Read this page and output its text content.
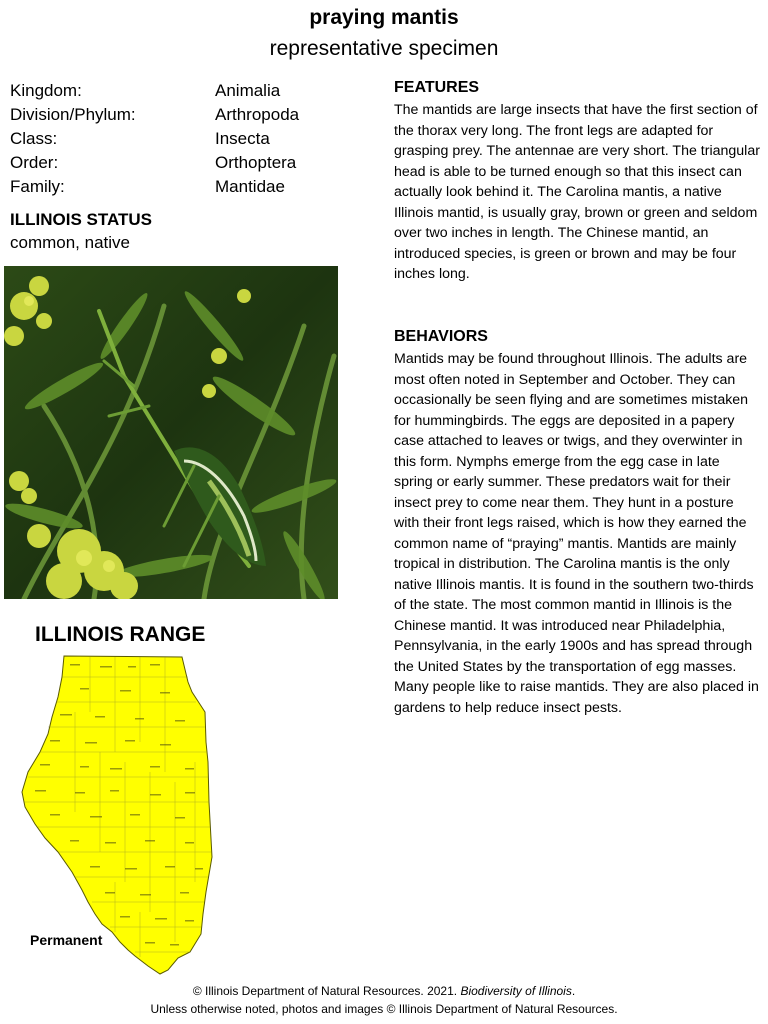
praying mantis
representative specimen
Kingdom:	Animalia
Division/Phylum:	Arthropoda
Class:	Insecta
Order:	Orthoptera
Family:	Mantidae
ILLINOIS STATUS
common, native
ILLINOIS RANGE
Permanent
FEATURES

The mantids are large insects that have the first section of the thorax very long. The front legs are adapted for grasping prey. The antennae are very short. The triangular head is able to be turned enough so that this insect can actually look behind it. The Carolina mantis, a native Illinois mantid, is usually gray, brown or green and seldom over two inches in length. The Chinese mantid, an introduced species, is green or brown and may be four inches long.

BEHAVIORS

Mantids may be found throughout Illinois. The adults are most often noted in September and October. They can occasionally be seen flying and are sometimes mistaken for hummingbirds. The eggs are deposited in a papery case attached to leaves or twigs, and they overwinter in this form. Nymphs emerge from the egg case in late spring or early summer. These predators wait for their insect prey to come near them. They hunt in a posture with their front legs raised, which is how they earned the common name of “praying” mantis. Mantids are mainly tropical in distribution. The Carolina mantis is the only native Illinois mantis. It is found in the southern two-thirds of the state. The most common mantid in Illinois is the Chinese mantid. It was introduced near Philadelphia, Pennsylvania, in the early 1900s and has spread through the United States by the transportation of egg masses. Many people like to raise mantids. They are also placed in gardens to help reduce insect pests.

© Illinois Department of Natural Resources. 2021. Biodiversity of Illinois.
Unless otherwise noted, photos and images © Illinois Department of Natural Resources.
